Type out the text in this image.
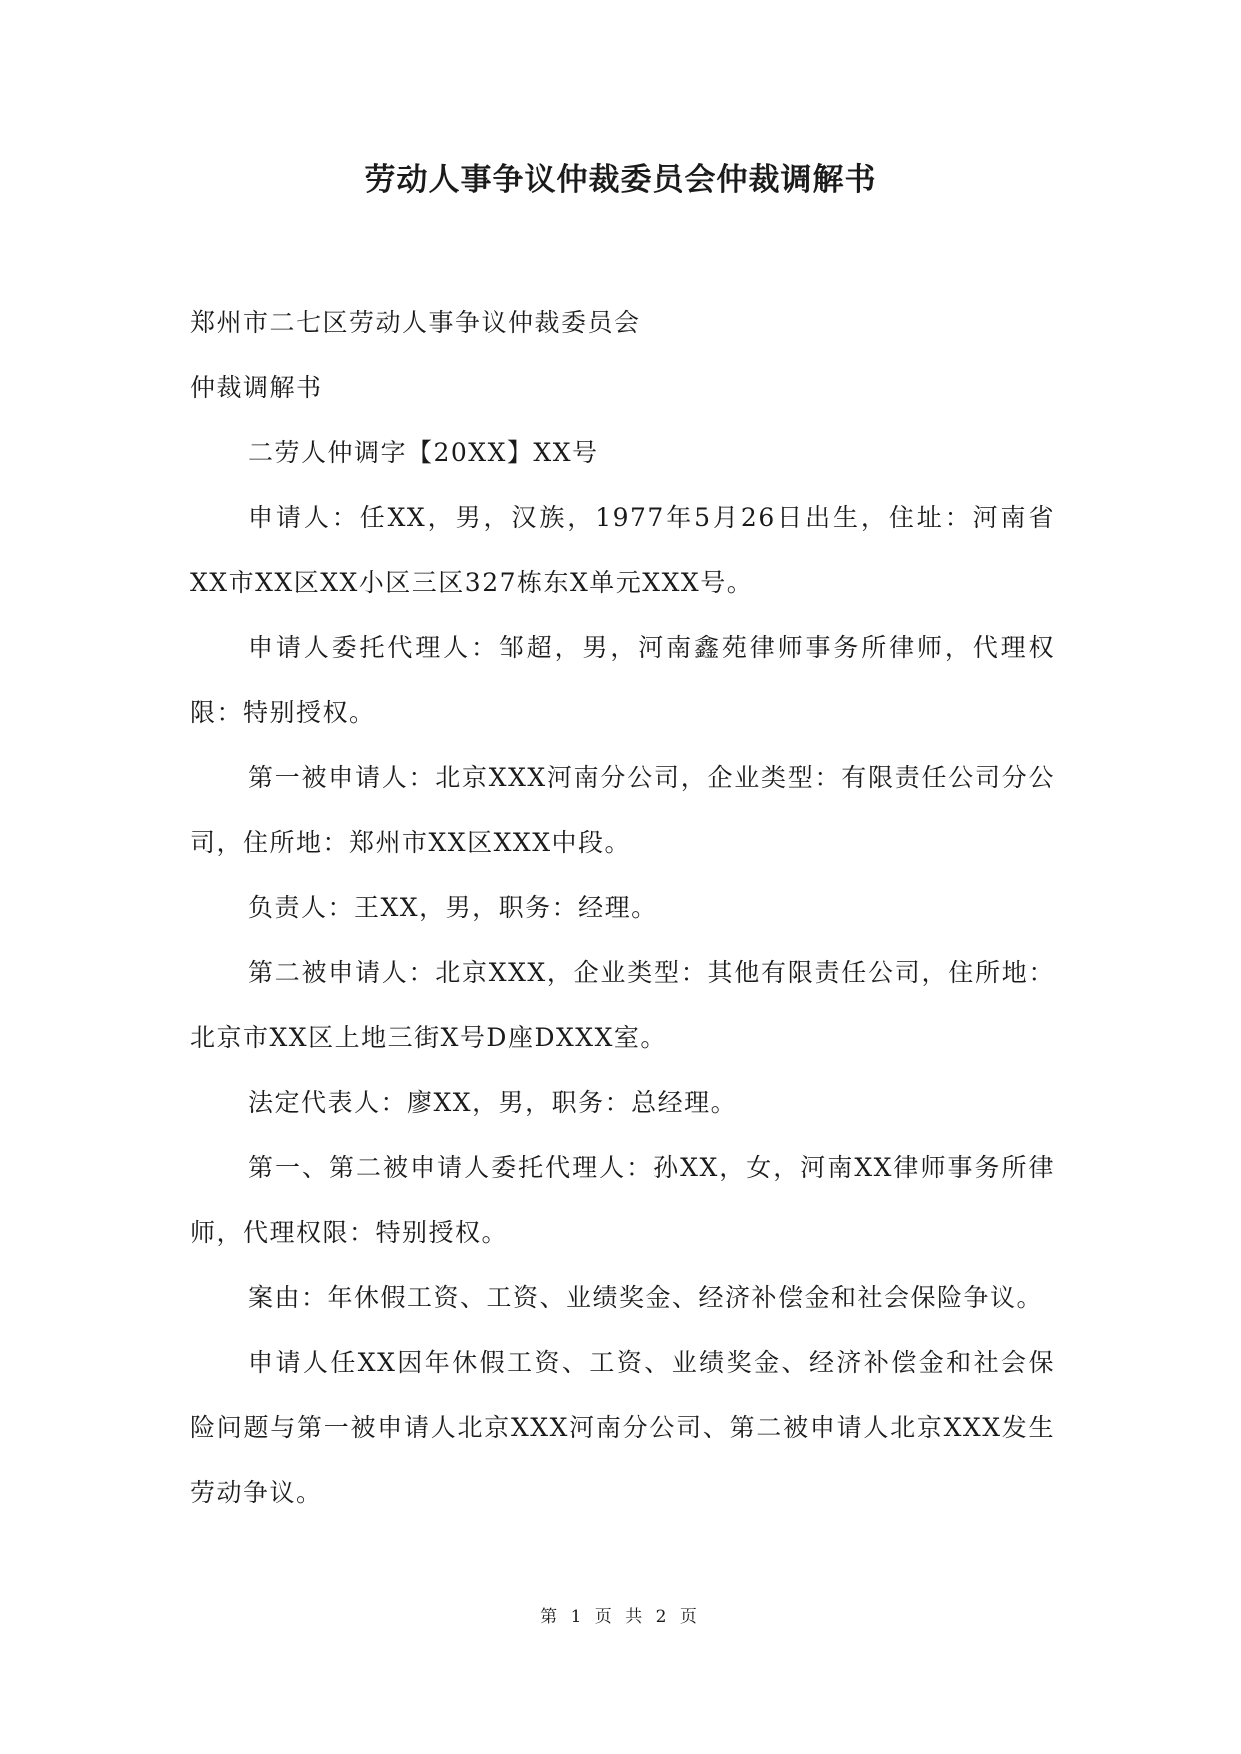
劳动人事争议仲裁委员会仲裁调解书

郑州市二七区劳动人事争议仲裁委员会

仲裁调解书

二劳人仲调字【20XX】XX号

申请人：任XX，男，汉族，1977年5月26日出生，住址：河南省XX市XX区XX小区三区327栋东X单元XXX号。

申请人委托代理人：邹超，男，河南鑫苑律师事务所律师，代理权限：特别授权。

第一被申请人：北京XXX河南分公司，企业类型：有限责任公司分公司，住所地：郑州市XX区XXX中段。

负责人：王XX，男，职务：经理。

第二被申请人：北京XXX，企业类型：其他有限责任公司，住所地：北京市XX区上地三街X号D座DXXX室。

法定代表人：廖XX，男，职务：总经理。

第一、第二被申请人委托代理人：孙XX，女，河南XX律师事务所律师，代理权限：特别授权。

案由：年休假工资、工资、业绩奖金、经济补偿金和社会保险争议。

申请人任XX因年休假工资、工资、业绩奖金、经济补偿金和社会保险问题与第一被申请人北京XXX河南分公司、第二被申请人北京XXX发生劳动争议。

第 1 页 共 2 页
